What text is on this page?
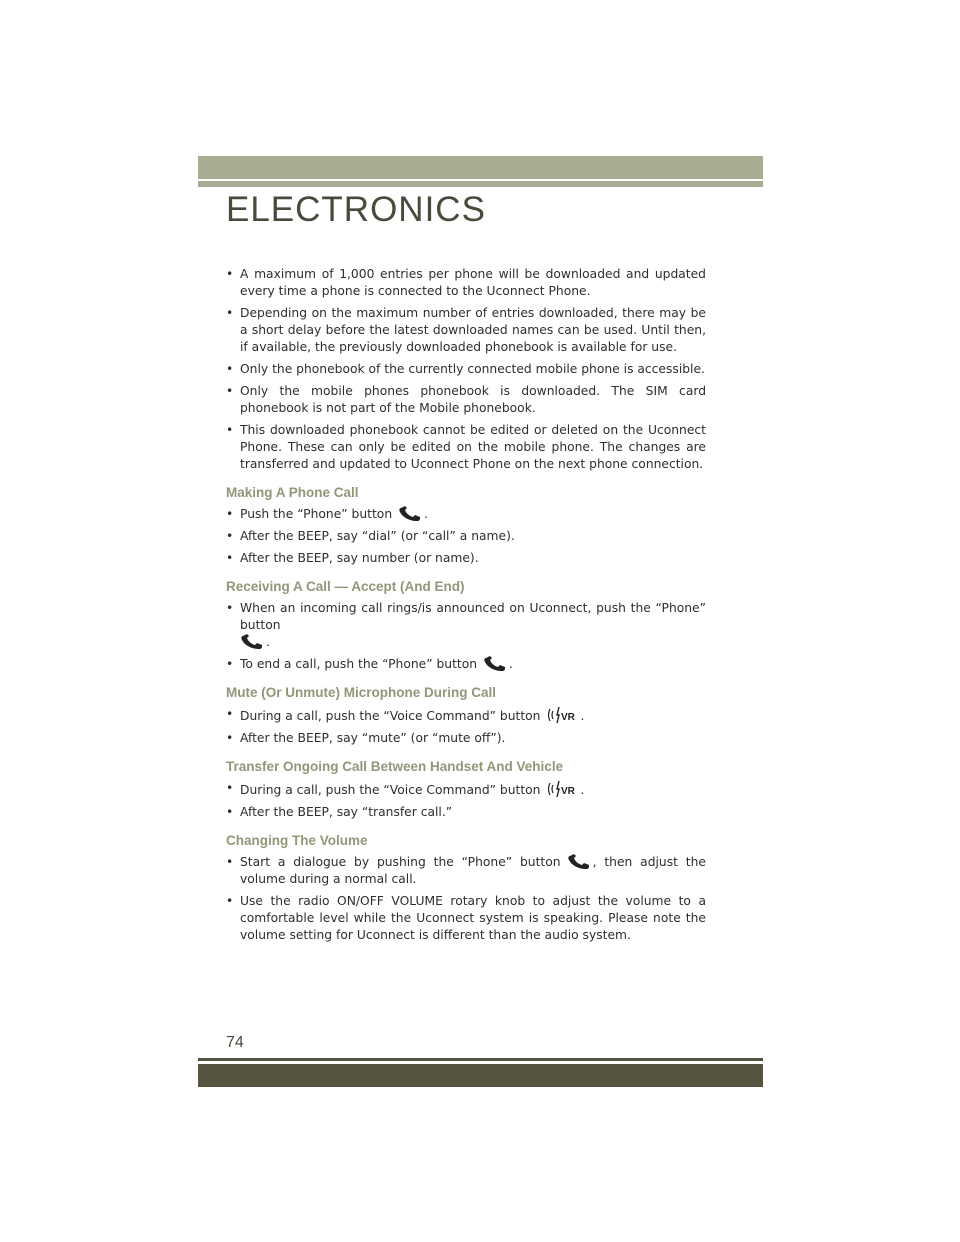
ELECTRONICS
• A maximum of 1,000 entries per phone will be downloaded and updated every time a phone is connected to the Uconnect Phone.
• Depending on the maximum number of entries downloaded, there may be a short delay before the latest downloaded names can be used. Until then, if available, the previously downloaded phonebook is available for use.
• Only the phonebook of the currently connected mobile phone is accessible.
• Only the mobile phones phonebook is downloaded. The SIM card phonebook is not part of the Mobile phonebook.
• This downloaded phonebook cannot be edited or deleted on the Uconnect Phone. These can only be edited on the mobile phone. The changes are transferred and updated to Uconnect Phone on the next phone connection.
Making A Phone Call
• Push the “Phone” button	.
• After the BEEP, say “dial” (or “call” a name).
• After the BEEP, say number (or name).
Receiving A Call — Accept (And End)
• When an incoming call rings/is announced on Uconnect, push the “Phone” button
.
• To end a call, push the “Phone” button	.
Mute (Or Unmute) Microphone During Call
• During a call, push the “Voice Command” button VR .
• After the BEEP, say “mute” (or “mute off”).
Transfer Ongoing Call Between Handset And Vehicle
• During a call, push the “Voice Command” button VR .
• After the BEEP, say “transfer call.”
Changing The Volume
• Start a dialogue by pushing the “Phone” button	, then adjust the volume during a normal call.
• Use the radio ON/OFF VOLUME rotary knob to adjust the volume to a comfortable level while the Uconnect system is speaking. Please note the volume setting for Uconnect is different than the audio system.
74
